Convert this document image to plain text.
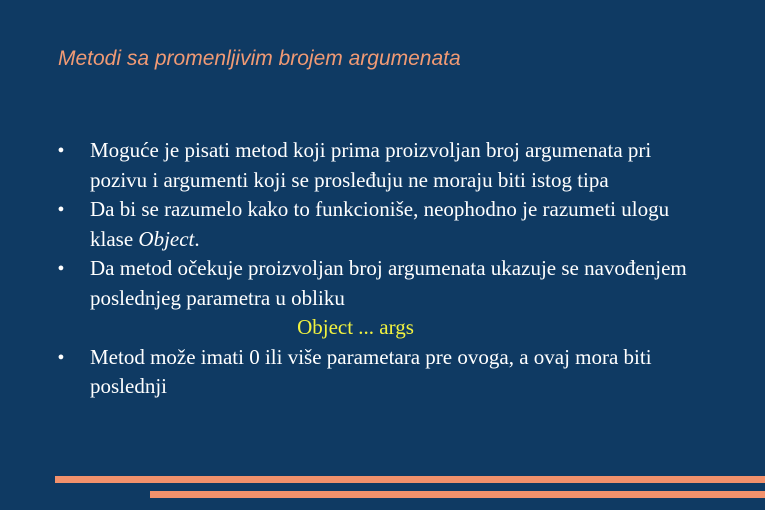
Metodi sa promenljivim brojem argumenata
● Moguće je pisati metod koji prima proizvoljan broj argumenata pri pozivu i argumenti koji se prosleđuju ne moraju biti istog tipa
● Da bi se razumelo kako to funkcioniše, neophodno je razumeti ulogu klase Object.
● Da metod očekuje proizvoljan broj argumenata ukazuje se navođenjem poslednjeg parametra u obliku
Object ... args
● Metod može imati 0 ili više parametara pre ovoga, a ovaj mora biti poslednji
